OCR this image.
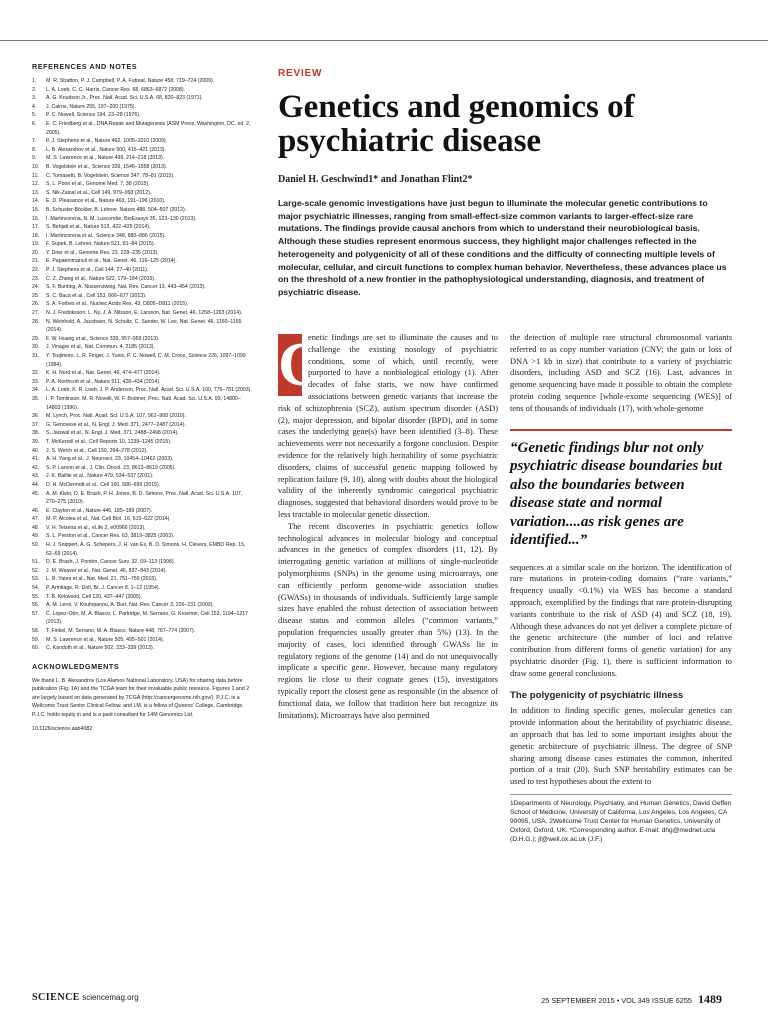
REFERENCES AND NOTES
1. M. R. Stratton, P. J. Campbell, P. A. Futreal, Nature 458, 719–724 (2009).
2. L. A. Loeb, C. C. Harris, Cancer Res. 68, 6863–6872 (2008).
3. A. G. Knudson Jr., Proc. Natl. Acad. Sci. U.S.A. 68, 820–823 (1971).
4. J. Cairns, Nature 255, 197–200 (1975).
5. P. C. Nowell, Science 194, 23–28 (1976).
6. E. C. Friedberg et al., DNA Repair and Mutagenesis (ASM Press, Washington, DC, ed. 2, 2005).
7. P. J. Stephens et al., Nature 462, 1005–1010 (2009).
8. L. B. Alexandrov et al., Nature 500, 415–421 (2013).
9. M. S. Lawrence et al., Nature 499, 214–218 (2013).
10. B. Vogelstein et al., Science 339, 1546–1558 (2013).
11. C. Tomasetti, B. Vogelstein, Science 347, 78–81 (2015).
12. S. L. Poon et al., Genome Med. 7, 38 (2015).
13. S. Nik-Zainal et al., Cell 149, 979–993 (2012).
14. E. D. Pleasance et al., Nature 463, 191–196 (2010).
15. B. Schuster-Böckler, B. Lehner, Nature 488, 504–507 (2012).
16. I. Martincorena, N. M. Luscombe, BioEssays 35, 123–130 (2013).
17. S. Behjati et al., Nature 513, 422–425 (2014).
18. I. Martincorena et al., Science 348, 880–886 (2015).
19. F. Supek, B. Lehner, Nature 521, 81–84 (2015).
20. Y. Drier et al., Genome Res. 23, 228–235 (2013).
21. E. Papaemmanuil et al., Nat. Genet. 46, 116–125 (2014).
22. P. J. Stephens et al., Cell 144, 27–40 (2011).
23. C. Z. Zhang et al., Nature 522, 179–184 (2015).
24. S. F. Bunting, A. Nussenzweig, Nat. Rev. Cancer 13, 443–454 (2013).
25. S. C. Baca et al., Cell 153, 666–677 (2013).
26. S. A. Forbes et al., Nucleic Acids Res. 43, D805–D811 (2015).
27. N. J. Fredriksson, L. Ny, J. A. Nilsson, E. Larsson, Nat. Genet. 46, 1258–1263 (2014).
28. N. Weinhold, A. Jacobsen, N. Schultz, C. Sander, W. Lee, Nat. Genet. 46, 1160–1165 (2014).
29. F. W. Huang et al., Science 339, 957–959 (2013).
30. J. Vinagre et al., Nat. Commun. 4, 2185 (2013).
31. Y. Tsujimoto, L. R. Finger, J. Yunis, P. C. Nowell, C. M. Croce, Science 226, 1097–1099 (1984).
32. K. H. Nord et al., Nat. Genet. 46, 474–477 (2014).
33. P. A. Northcott et al., Nature 511, 428–434 (2014).
34. L. A. Loeb, K. R. Loeb, J. P. Anderson, Proc. Natl. Acad. Sci. U.S.A. 100, 776–781 (2003).
35. I. P. Tomlinson, M. R. Novelli, W. F. Bodmer, Proc. Natl. Acad. Sci. U.S.A. 93, 14800–14803 (1996).
36. M. Lynch, Proc. Natl. Acad. Sci. U.S.A. 107, 961–968 (2010).
37. G. Genovese et al., N. Engl. J. Med. 371, 2477–2487 (2014).
38. S. Jaiswal et al., N. Engl. J. Med. 371, 2488–2498 (2014).
39. T. McKerrell et al., Cell Reports 10, 1239–1245 (2015).
40. J. S. Welch et al., Cell 150, 264–278 (2012).
41. A. H. Yang et al., J. Neurosci. 23, 10454–10462 (2003).
42. S. P. Larson et al., J. Clin. Oncol. 23, 8613–8619 (2005).
43. J. K. Baillie et al., Nature 479, 534–537 (2011).
44. D. H. McDermott et al., Cell 160, 686–699 (2015).
45. A. M. Klein, D. E. Brash, P. H. Jones, B. D. Simons, Proc. Natl. Acad. Sci. U.S.A. 107, 270–275 (2010).
46. E. Clayton et al., Nature 446, 185–189 (2007).
47. M. P. Alcolea et al., Nat. Cell Biol. 16, 615–622 (2014).
48. V. H. Teixeira et al., eLife 2, e00966 (2013).
49. S. L. Preston et al., Cancer Res. 63, 3819–3825 (2003).
50. H. J. Snippert, A. G. Schepers, J. H. van Es, B. D. Simons, H. Clevers, EMBO Rep. 15, 62–69 (2014).
51. D. E. Brash, J. Pontén, Cancer Surv. 32, 69–113 (1998).
52. J. M. Weaver et al., Nat. Genet. 46, 837–843 (2014).
53. L. R. Yates et al., Nat. Med. 21, 751–759 (2015).
54. P. Armitage, R. Doll, Br. J. Cancer 8, 1–12 (1954).
55. T. B. Kirkwood, Cell 120, 437–447 (2005).
56. A. M. Leroi, V. Koufopanou, A. Burt, Nat. Rev. Cancer 3, 226–231 (2003).
57. C. López-Otín, M. A. Blasco, L. Partridge, M. Serrano, G. Kroemer, Cell 153, 1194–1217 (2013).
58. T. Finkel, M. Serrano, M. A. Blasco, Nature 448, 767–774 (2007).
59. M. S. Lawrence et al., Nature 505, 495–501 (2014).
60. C. Kandoth et al., Nature 502, 333–339 (2013).
ACKNOWLEDGMENTS

We thank L. B. Alexandrov (Los Alamos National Laboratory, USA) for sharing data before publication (Fig. 1A) and the TCGA team for their invaluable public resource. Figures 1 and 2 are largely based on data generated by TCGA (http://cancergenome.nih.gov/). P.J.C. is a Wellcome Trust Senior Clinical Fellow, and I.M. is a fellow of Queens' College, Cambridge. P.J.C. holds equity in and is a paid consultant for 14M Genomics Ltd.

10.1126/science.aab4082
REVIEW
Genetics and genomics of psychiatric disease
Daniel H. Geschwind1* and Jonathan Flint2*

Large-scale genomic investigations have just begun to illuminate the molecular genetic contributions to major psychiatric illnesses, ranging from small-effect-size common variants to larger-effect-size rare mutations. The findings provide causal anchors from which to understand their neurobiological basis. Although these studies represent enormous success, they highlight major challenges reflected in the heterogeneity and polygenicity of all of these conditions and the difficulty of connecting multiple levels of molecular, cellular, and circuit functions to complex human behavior. Nevertheless, these advances place us on the threshold of a new frontier in the pathophysiological understanding, diagnosis, and treatment of psychiatric disease.

G

enetic findings are set to illuminate the causes and to challenge the existing nosology of psychiatric conditions, some of which, until recently, were purported to have a nonbiological etiology (1). After decades of false starts, we now have confirmed associations between genetic variants that increase the risk of schizophrenia (SCZ), autism spectrum disorder (ASD) (2), major depression, and bipolar disorder (BPD), and in some cases the underlying gene(s) have been identified (3–8). These achievements were not necessarily a forgone conclusion. Despite evidence for the relatively high heritability of some psychiatric disorders, claims of successful genetic mapping followed by replication failure (9, 10), along with doubts about the biological validity of the inherently syndromic categorical psychiatric diagnoses, suggested that behavioral disorders would prove to be less tractable to molecular genetic dissection.

The recent discoveries in psychiatric genetics follow technological advances in molecular biology and conceptual advances in the genetics of complex disorders (11, 12). By interrogating genetic variation at millions of single-nucleotide polymorphisms (SNPs) in the genome using microarrays, one can efficiently perform genome-wide association studies (GWASs) in thousands of individuals. Sufficiently large sample sizes have enabled the robust detection of association between disease status and common alleles (“common variants,” population frequencies usually greater than 5%) (13). In the majority of cases, loci identified through GWASs lie in regulatory regions of the genome (14) and do not unequivocally implicate a specific gene. However, because many regulatory regions lie close to their cognate genes (15), investigators typically report the closest gene as responsible (in the absence of functional data, we follow that tradition here but recognize its limitations). Microarrays have also permitted

the detection of multiple rare structural chromosomal variants referred to as copy number variation (CNV; the gain or loss of DNA >1 kb in size) that contribute to a variety of psychiatric disorders, including ASD and SCZ (16). Last, advances in genome sequencing have made it possible to obtain the complete protein coding sequence [whole-exome sequencing (WES)] of tens of thousands of individuals (17), with whole-genome

“Genetic findings blur not only psychiatric disease boundaries but also the boundaries between disease state and normal variation....as risk genes are identified...”

sequences at a similar scale on the horizon. The identification of rare mutations in protein-coding domains (“rare variants,” frequency usually <0.1%) via WES has become a standard approach, exemplified by the findings that rare protein-disrupting variants contribute to the risk of ASD (4) and SCZ (18, 19). Although these advances do not yet deliver a complete picture of the genetic architecture (the number of loci and relative contribution from different forms of genetic variation) for any psychiatric disorder (Fig. 1), there is sufficient information to draw some general conclusions.

The polygenicity of psychiatric illness

In addition to finding specific genes, molecular genetics can provide information about the heritability of psychiatric disease, an approach that has led to some important insights about the genetic architecture of psychiatric illness. The degree of SNP sharing among disease cases estimates the common, inherited portion of a trait (20). Such SNP heritability estimates can be used to test hypotheses about the extent to

1Departments of Neurology, Psychiatry, and Human Genetics, David Geffen School of Medicine, University of California, Los Angeles, Los Angeles, CA 90095, USA. 2Wellcome Trust Center for Human Genetics, University of Oxford, Oxford, UK. *Corresponding author. E-mail: dhg@mednet.ucla (D.H.G.); jf@well.ox.ac.uk (J.F.)
SCIENCE sciencemag.org	25 SEPTEMBER 2015 • VOL 349 ISSUE 6255 1489
